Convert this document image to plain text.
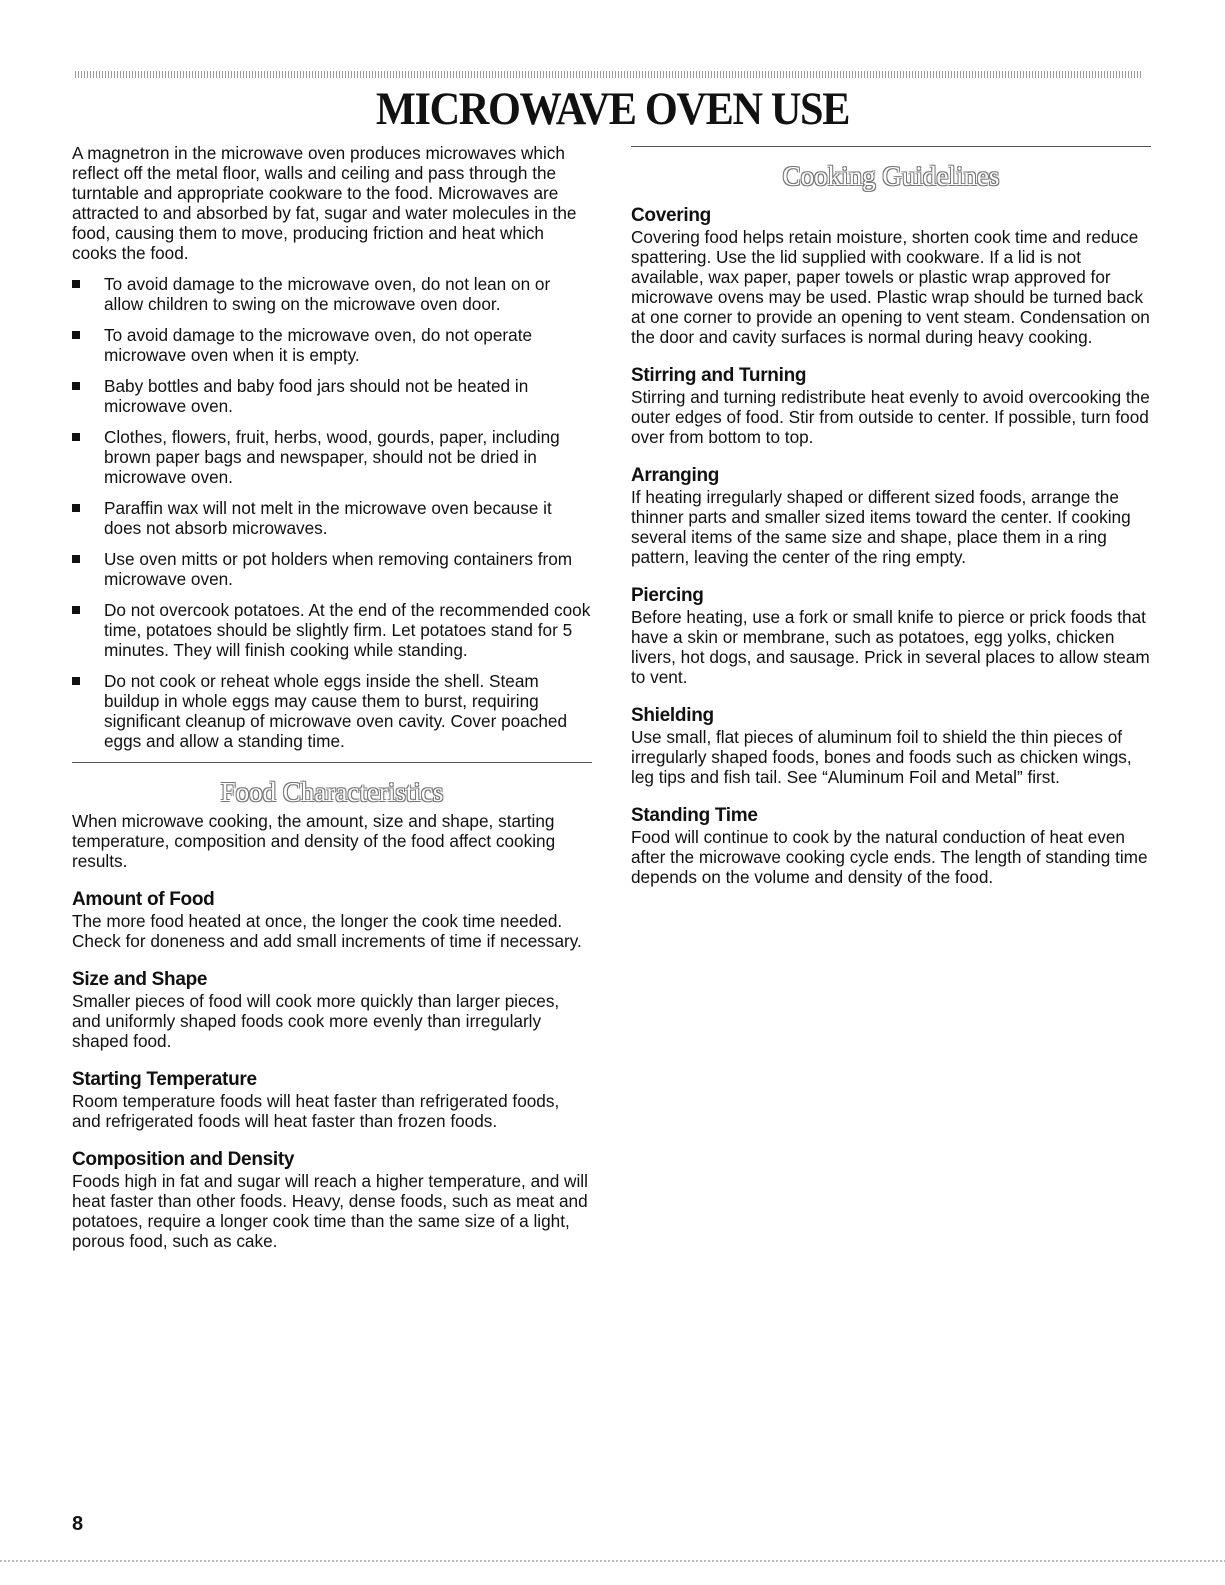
MICROWAVE OVEN USE

A magnetron in the microwave oven produces microwaves which reflect off the metal floor, walls and ceiling and pass through the turntable and appropriate cookware to the food. Microwaves are attracted to and absorbed by fat, sugar and water molecules in the food, causing them to move, producing friction and heat which cooks the food.

To avoid damage to the microwave oven, do not lean on or allow children to swing on the microwave oven door.
To avoid damage to the microwave oven, do not operate microwave oven when it is empty.
Baby bottles and baby food jars should not be heated in microwave oven.
Clothes, flowers, fruit, herbs, wood, gourds, paper, including brown paper bags and newspaper, should not be dried in microwave oven.
Paraffin wax will not melt in the microwave oven because it does not absorb microwaves.
Use oven mitts or pot holders when removing containers from microwave oven.
Do not overcook potatoes. At the end of the recommended cook time, potatoes should be slightly firm. Let potatoes stand for 5 minutes. They will finish cooking while standing.
Do not cook or reheat whole eggs inside the shell. Steam buildup in whole eggs may cause them to burst, requiring significant cleanup of microwave oven cavity. Cover poached eggs and allow a standing time.
Food Characteristics

When microwave cooking, the amount, size and shape, starting temperature, composition and density of the food affect cooking results.

Amount of Food

The more food heated at once, the longer the cook time needed. Check for doneness and add small increments of time if necessary.

Size and Shape

Smaller pieces of food will cook more quickly than larger pieces, and uniformly shaped foods cook more evenly than irregularly shaped food.

Starting Temperature

Room temperature foods will heat faster than refrigerated foods, and refrigerated foods will heat faster than frozen foods.

Composition and Density

Foods high in fat and sugar will reach a higher temperature, and will heat faster than other foods. Heavy, dense foods, such as meat and potatoes, require a longer cook time than the same size of a light, porous food, such as cake.

Cooking Guidelines
Covering

Covering food helps retain moisture, shorten cook time and reduce spattering. Use the lid supplied with cookware. If a lid is not available, wax paper, paper towels or plastic wrap approved for microwave ovens may be used. Plastic wrap should be turned back at one corner to provide an opening to vent steam. Condensation on the door and cavity surfaces is normal during heavy cooking.

Stirring and Turning

Stirring and turning redistribute heat evenly to avoid overcooking the outer edges of food. Stir from outside to center. If possible, turn food over from bottom to top.

Arranging

If heating irregularly shaped or different sized foods, arrange the thinner parts and smaller sized items toward the center. If cooking several items of the same size and shape, place them in a ring pattern, leaving the center of the ring empty.

Piercing

Before heating, use a fork or small knife to pierce or prick foods that have a skin or membrane, such as potatoes, egg yolks, chicken livers, hot dogs, and sausage. Prick in several places to allow steam to vent.

Shielding

Use small, flat pieces of aluminum foil to shield the thin pieces of irregularly shaped foods, bones and foods such as chicken wings, leg tips and fish tail. See “Aluminum Foil and Metal” first.

Standing Time

Food will continue to cook by the natural conduction of heat even after the microwave cooking cycle ends. The length of standing time depends on the volume and density of the food.

8
